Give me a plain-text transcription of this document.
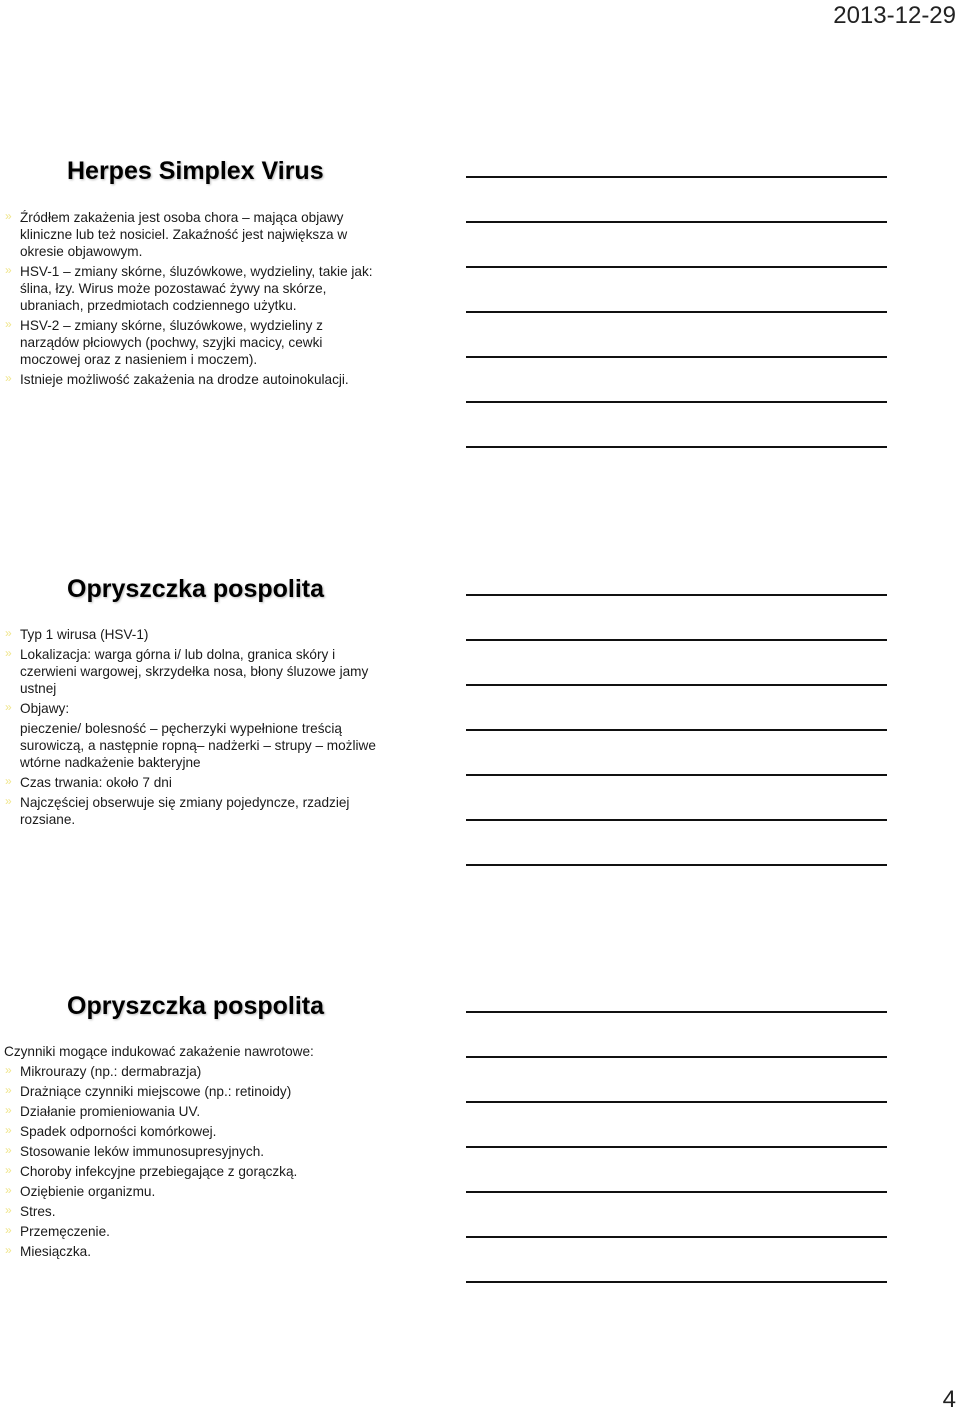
2013-12-29
Herpes Simplex Virus

» Źródłem zakażenia jest osoba chora – mająca objawy kliniczne lub też nosiciel. Zakaźność jest największa w okresie objawowym.

» HSV-1 – zmiany skórne, śluzówkowe, wydzieliny, takie jak: ślina, łzy. Wirus może pozostawać żywy na skórze, ubraniach, przedmiotach codziennego użytku.

» HSV-2 – zmiany skórne, śluzówkowe, wydzieliny z narządów płciowych (pochwy, szyjki macicy, cewki moczowej oraz z nasieniem i moczem).

» Istnieje możliwość zakażenia na drodze autoinokulacji.

Opryszczka pospolita

» Typ 1 wirusa (HSV-1)

» Lokalizacja: warga górna i/ lub dolna, granica skóry i czerwieni wargowej, skrzydełka nosa, błony śluzowe jamy ustnej

» Objawy:

pieczenie/ bolesność – pęcherzyki wypełnione treścią surowiczą, a następnie ropną– nadżerki – strupy – możliwe wtórne nadkażenie bakteryjne

» Czas trwania: około 7 dni

» Najczęściej obserwuje się zmiany pojedyncze, rzadziej rozsiane.

Opryszczka pospolita

Czynniki mogące indukować zakażenie nawrotowe:

» Mikrourazy (np.: dermabrazja)

» Drażniące czynniki miejscowe (np.: retinoidy)

» Działanie promieniowania UV.

» Spadek odporności komórkowej.

» Stosowanie leków immunosupresyjnych.

» Choroby infekcyjne przebiegające z gorączką.

» Oziębienie organizmu.

» Stres.

» Przemęczenie.

» Miesiączka.

4
